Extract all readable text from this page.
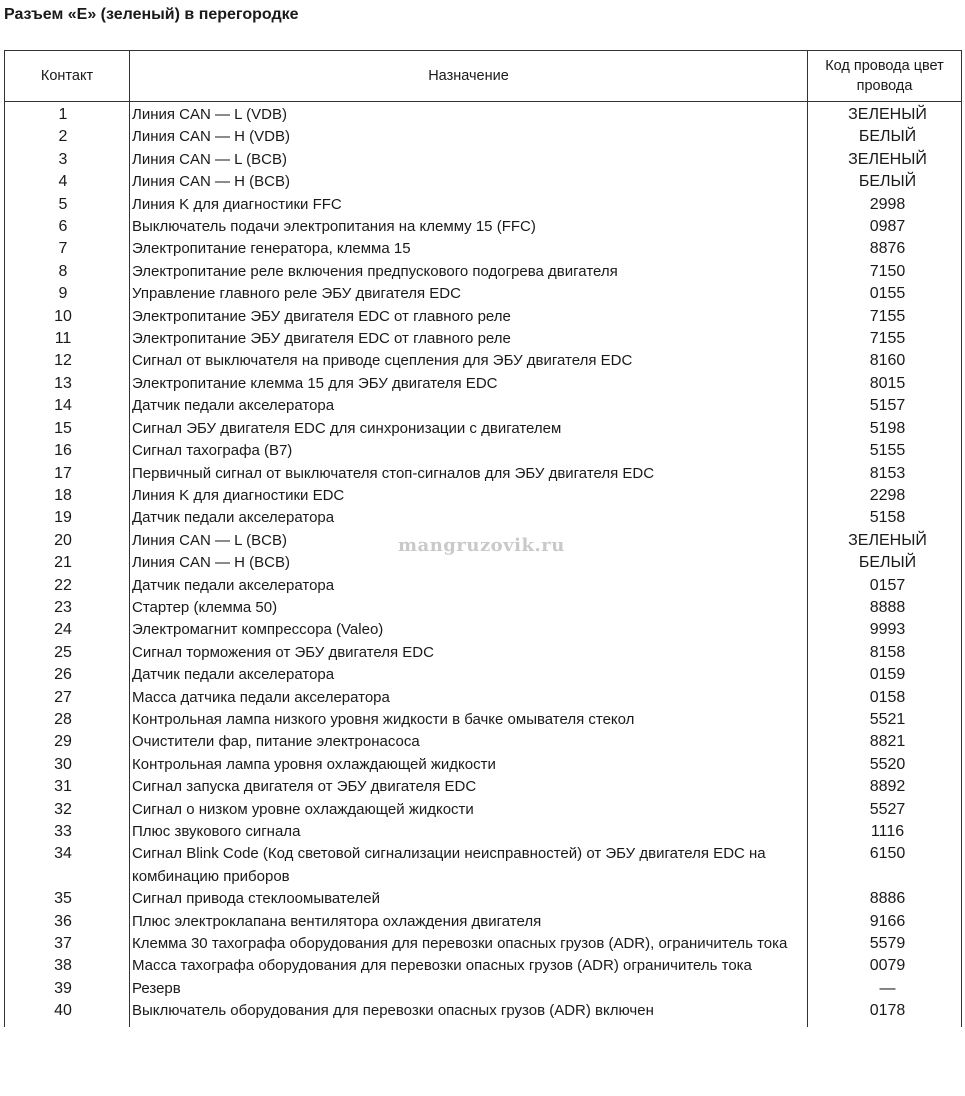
Разъем «E» (зеленый) в перегородке
Контакт	Назначение	Код провода цвет провода
1	Линия CAN — L (VDB)	ЗЕЛЕНЫЙ
2	Линия CAN — H (VDB)	БЕЛЫЙ
3	Линия CAN — L (BCB)	ЗЕЛЕНЫЙ
4	Линия CAN — H (BCB)	БЕЛЫЙ
5	Линия K для диагностики FFC	2998
6	Выключатель подачи электропитания на клемму 15 (FFC)	0987
7	Электропитание генератора, клемма 15	8876
8	Электропитание реле включения предпускового подогрева двигателя	7150
9	Управление главного реле ЭБУ двигателя EDC	0155
10	Электропитание ЭБУ двигателя EDC от главного реле	7155
11	Электропитание ЭБУ двигателя EDC от главного реле	7155
12	Сигнал от выключателя на приводе сцепления для ЭБУ двигателя EDC	8160
13	Электропитание клемма 15 для ЭБУ двигателя EDC	8015
14	Датчик педали акселератора	5157
15	Сигнал ЭБУ двигателя EDC для синхронизации с двигателем	5198
16	Сигнал тахографа (B7)	5155
17	Первичный сигнал от выключателя стоп-сигналов для ЭБУ двигателя EDC	8153
18	Линия K для диагностики EDC	2298
19	Датчик педали акселератора	5158
20	Линия CAN — L (BCB)	ЗЕЛЕНЫЙ
21	Линия CAN — H (BCB)	БЕЛЫЙ
22	Датчик педали акселератора	0157
23	Стартер (клемма 50)	8888
24	Электромагнит компрессора (Valeo)	9993
25	Сигнал торможения от ЭБУ двигателя EDC	8158
26	Датчик педали акселератора	0159
27	Масса датчика педали акселератора	0158
28	Контрольная лампа низкого уровня жидкости в бачке омывателя стекол	5521
29	Очистители фар, питание электронасоса	8821
30	Контрольная лампа уровня охлаждающей жидкости	5520
31	Сигнал запуска двигателя от ЭБУ двигателя EDC	8892
32	Сигнал о низком уровне охлаждающей жидкости	5527
33	Плюс звукового сигнала	1116
34	Сигнал Blink Code (Код световой сигнализации неисправностей) от ЭБУ двигателя EDC на комбинацию приборов	6150
35	Сигнал привода стеклоомывателей	8886
36	Плюс электроклапана вентилятора охлаждения двигателя	9166
37	Клемма 30 тахографа оборудования для перевозки опасных грузов (ADR), ограничитель тока	5579
38	Масса тахографа оборудования для перевозки опасных грузов (ADR) ограничитель тока	0079
39	Резерв	—
40	Выключатель оборудования для перевозки опасных грузов (ADR) включен	0178
mangruzovik.ru
